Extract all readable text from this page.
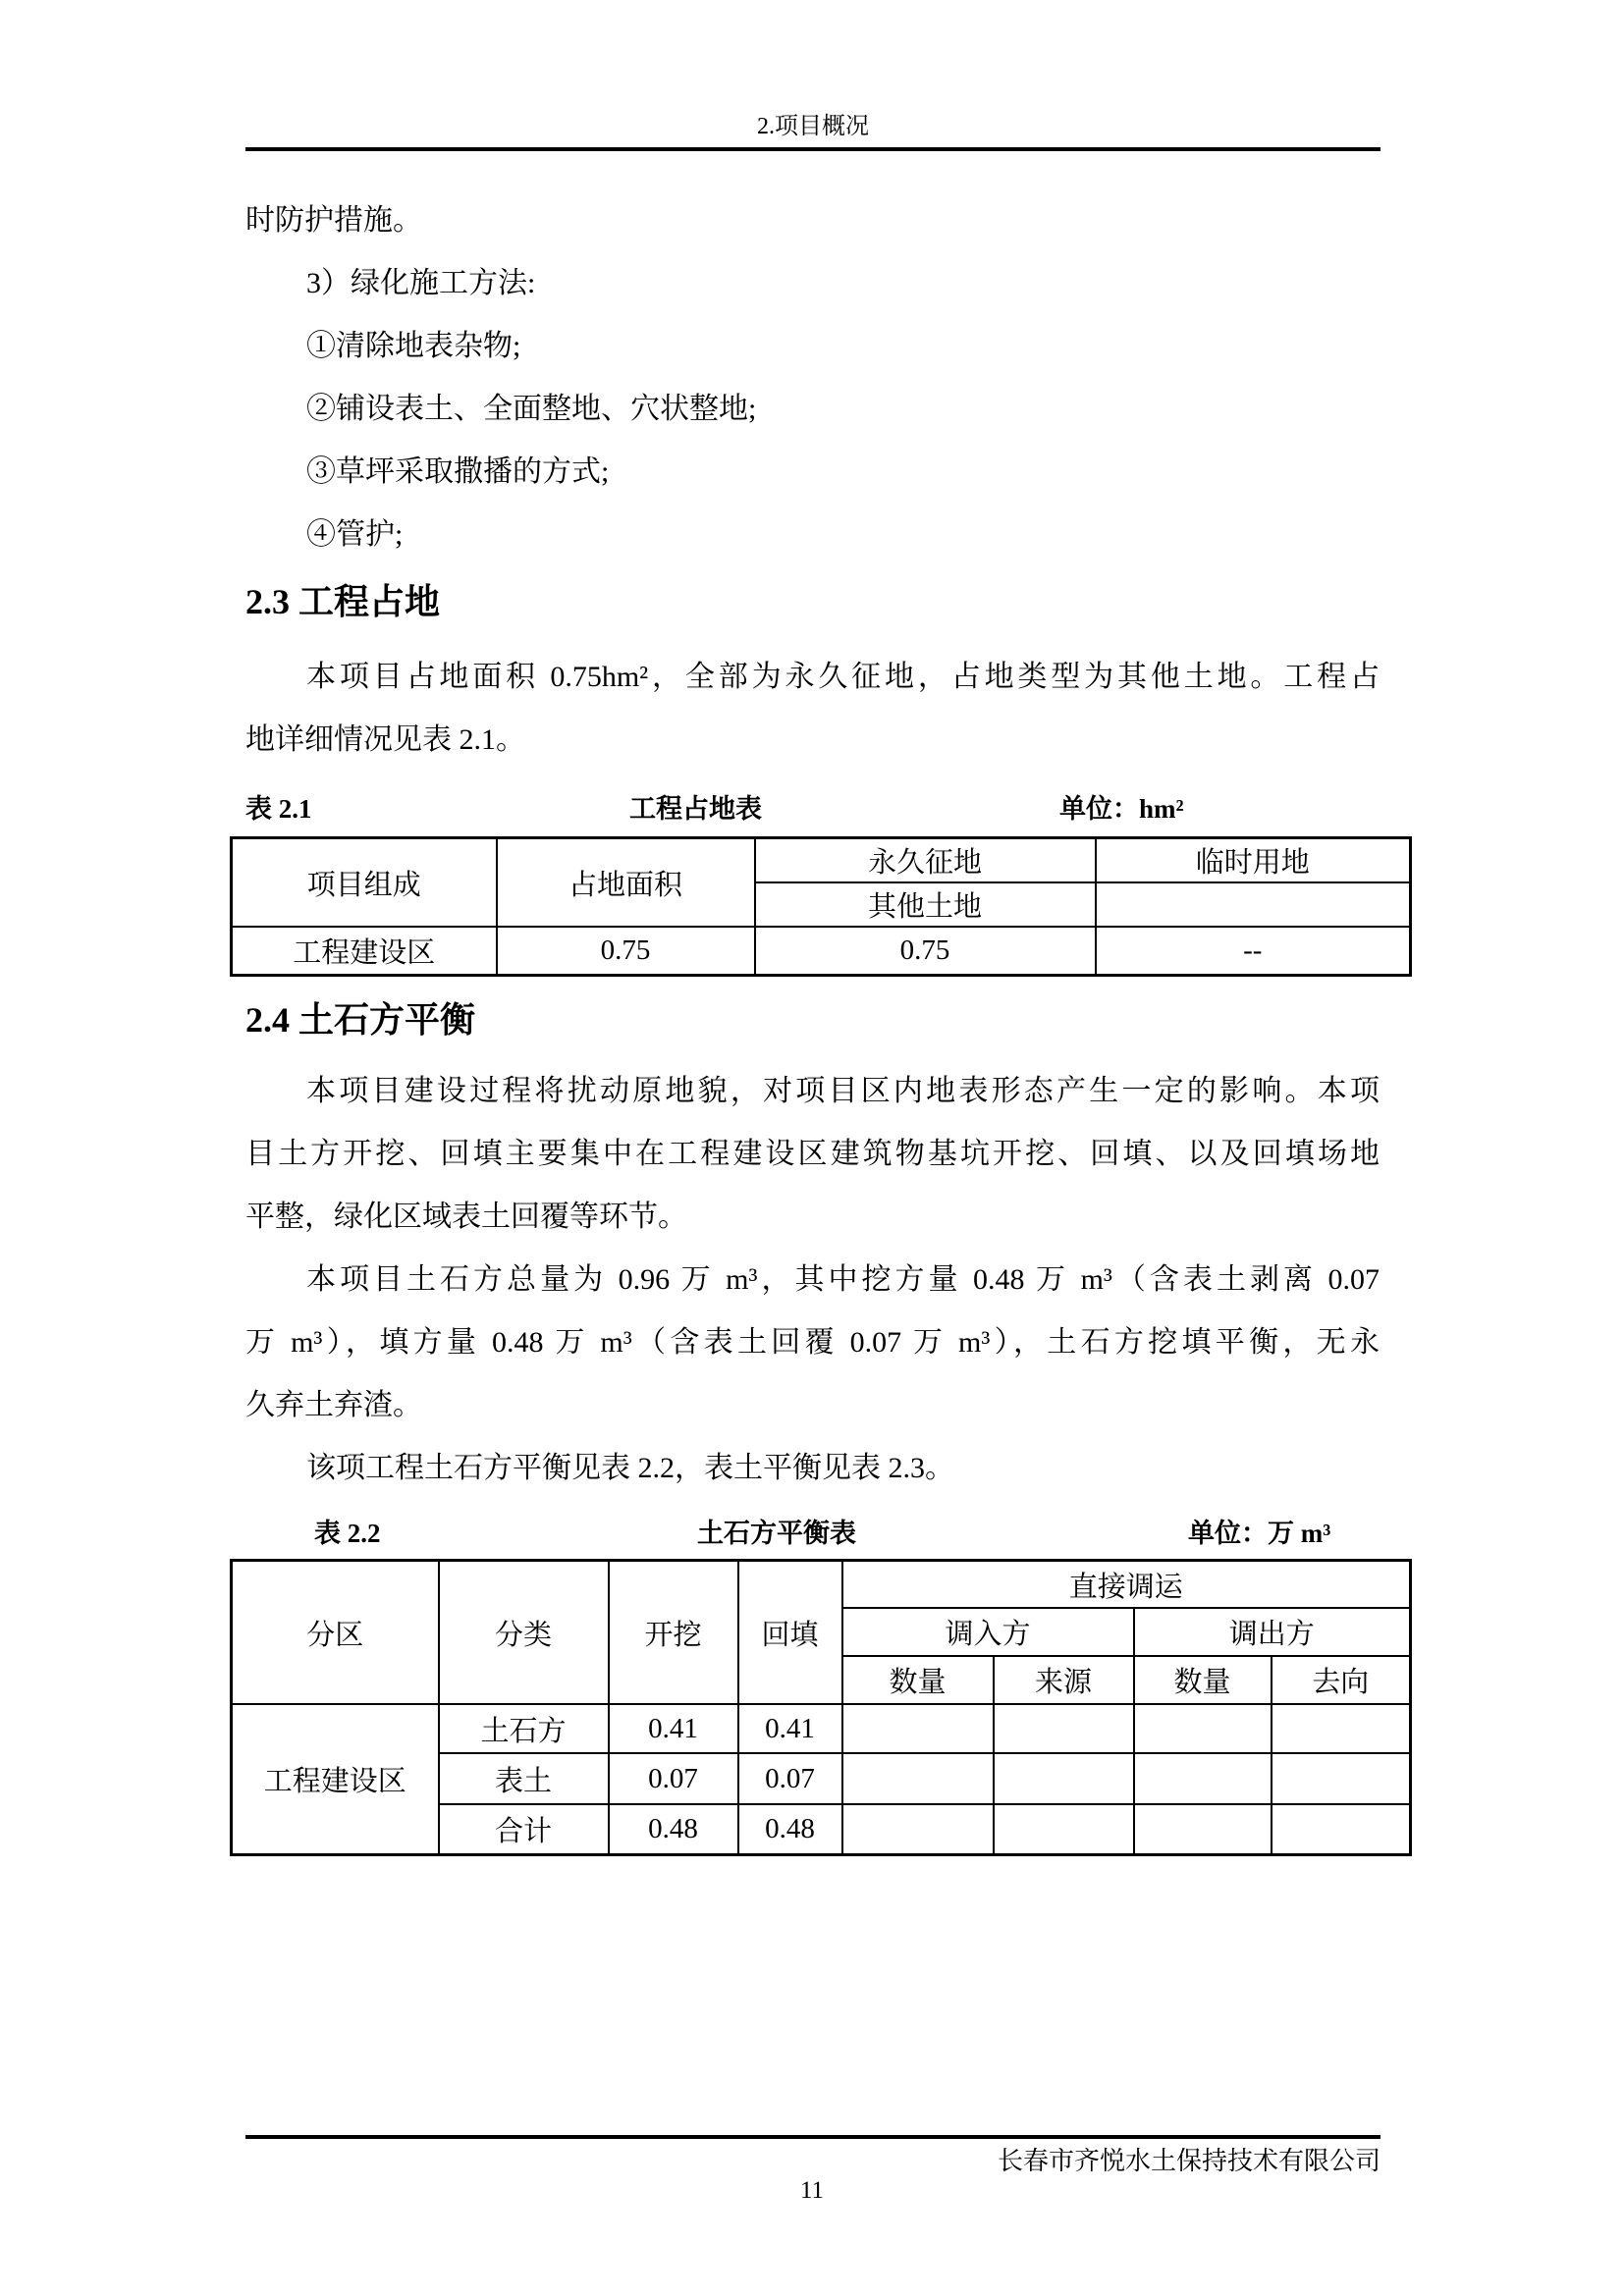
2.项目概况

时防护措施。

3）绿化施工方法:

①清除地表杂物;

②铺设表土、全面整地、穴状整地;

③草坪采取撒播的方式;

④管护;

2.3 工程占地

本项目占地面积 0.75hm²，全部为永久征地，占地类型为其他土地。工程占

地详细情况见表 2.1。

表 2.1	工程占地表	单位：hm²
项目组成	占地面积	永久征地	临时用地
		其他土地	
工程建设区	0.75	0.75	--
2.4 土石方平衡

本项目建设过程将扰动原地貌，对项目区内地表形态产生一定的影响。本项

目土方开挖、回填主要集中在工程建设区建筑物基坑开挖、回填、以及回填场地

平整，绿化区域表土回覆等环节。

本项目土石方总量为 0.96 万 m³，其中挖方量 0.48 万 m³（含表土剥离 0.07

万 m³），填方量 0.48 万 m³（含表土回覆 0.07 万 m³），土石方挖填平衡，无永

久弃土弃渣。

该项工程土石方平衡见表 2.2，表土平衡见表 2.3。

表 2.2	土石方平衡表	单位：万 m³
分区	分类	开挖	回填	直接调运			
				调入方		调出方	
				数量	来源	数量	去向
工程建设区	土石方	0.41	0.41				
	表土	0.07	0.07				
	合计	0.48	0.48				
长春市齐悦水土保持技术有限公司
11
